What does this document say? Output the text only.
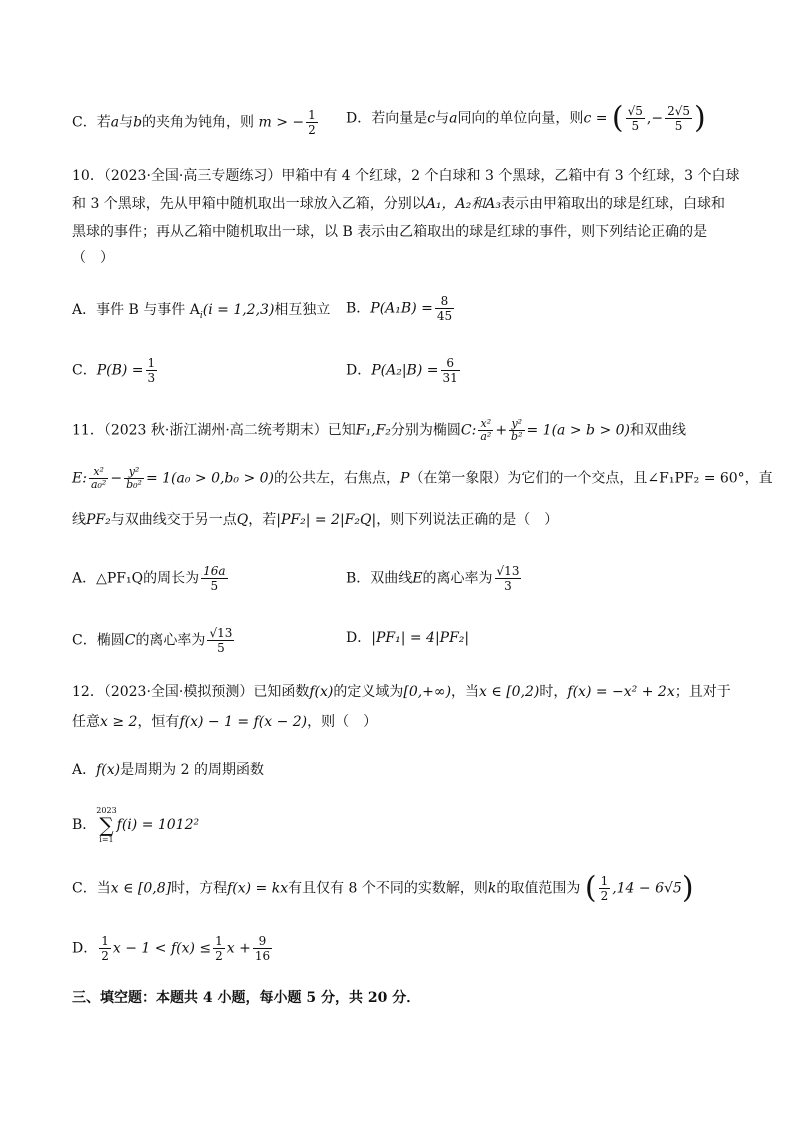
C．若a与b的夹角为钝角，则 m > − $\frac{1}{2}$ D．若向量是c与a同向的单位向量，则c = ( $\frac{√5}{5}$ ,− $\frac{2√5}{5}$ )
10．（2023·全国·高三专题练习）甲箱中有 4 个红球，2 个白球和 3 个黑球，乙箱中有 3 个红球，3 个白球
和 3 个黑球，先从甲箱中随机取出一球放入乙箱，分别以A₁，A₂和A₃表示由甲箱取出的球是红球，白球和
黑球的事件；再从乙箱中随机取出一球，以 B 表示由乙箱取出的球是红球的事件，则下列结论正确的是
（　）
A．事件 B 与事件 $A_i(i = 1,2,3)$相互独立 B．$P(A_1B) = \frac{8}{45}$
C．$P(B) = \frac{1}{3}$	D．$P(A_2|B) = \frac{6}{31}$
11．（2023 秋·浙江湖州·高二统考期末）已知F₁,F₂分别为椭圆C: $\frac{\text{x²}}{\text{a²}} + \frac{\text{y²}}{\text{b²}} = 1(a > b > 0)$和双曲线
E: $\frac{\text{x²}}{\text{a₀²}} - \frac{\text{y²}}{\text{b₀²}} = 1(a_0 > 0,b_0 > 0)$的公共左，右焦点，P（在第一象限）为它们的一个交点，且∠F₁PF₂ = 60°，直
线PF₂与双曲线交于另一点Q，若|PF₂| = 2|F₂Q|，则下列说法正确的是（　）
A．△PF₁Q的周长为 $\frac{16a}{5}$	B．双曲线E的离心率为 $\frac{√13}{3}$
C．椭圆C的离心率为 $\frac{√13}{5}$	D．|PF₁| = 4|PF₂|
12．（2023·全国·模拟预测）已知函数f(x)的定义域为[0,+∞)，当x ∈ [0,2)时，f(x) = −x² + 2x；且对于
任意x ≥ 2，恒有f(x) − 1 = f(x − 2)，则（　）
A．f(x)是周期为 2 的周期函数
B．
2023
∑
i=1
f(i) = 1012²
C．当x ∈ [0,8]时，方程f(x) = kx有且仅有 8 个不同的实数解，则k的取值范围为 ( $\frac{1}{2} ,14 - 6√5$)
D． $\frac{1}{2}$ $x - 1 < f(x) \le \frac{1}{2}$ $x + \frac{9}{16}$
三、填空题：本题共 4 小题，每小题 5 分，共 20 分．
